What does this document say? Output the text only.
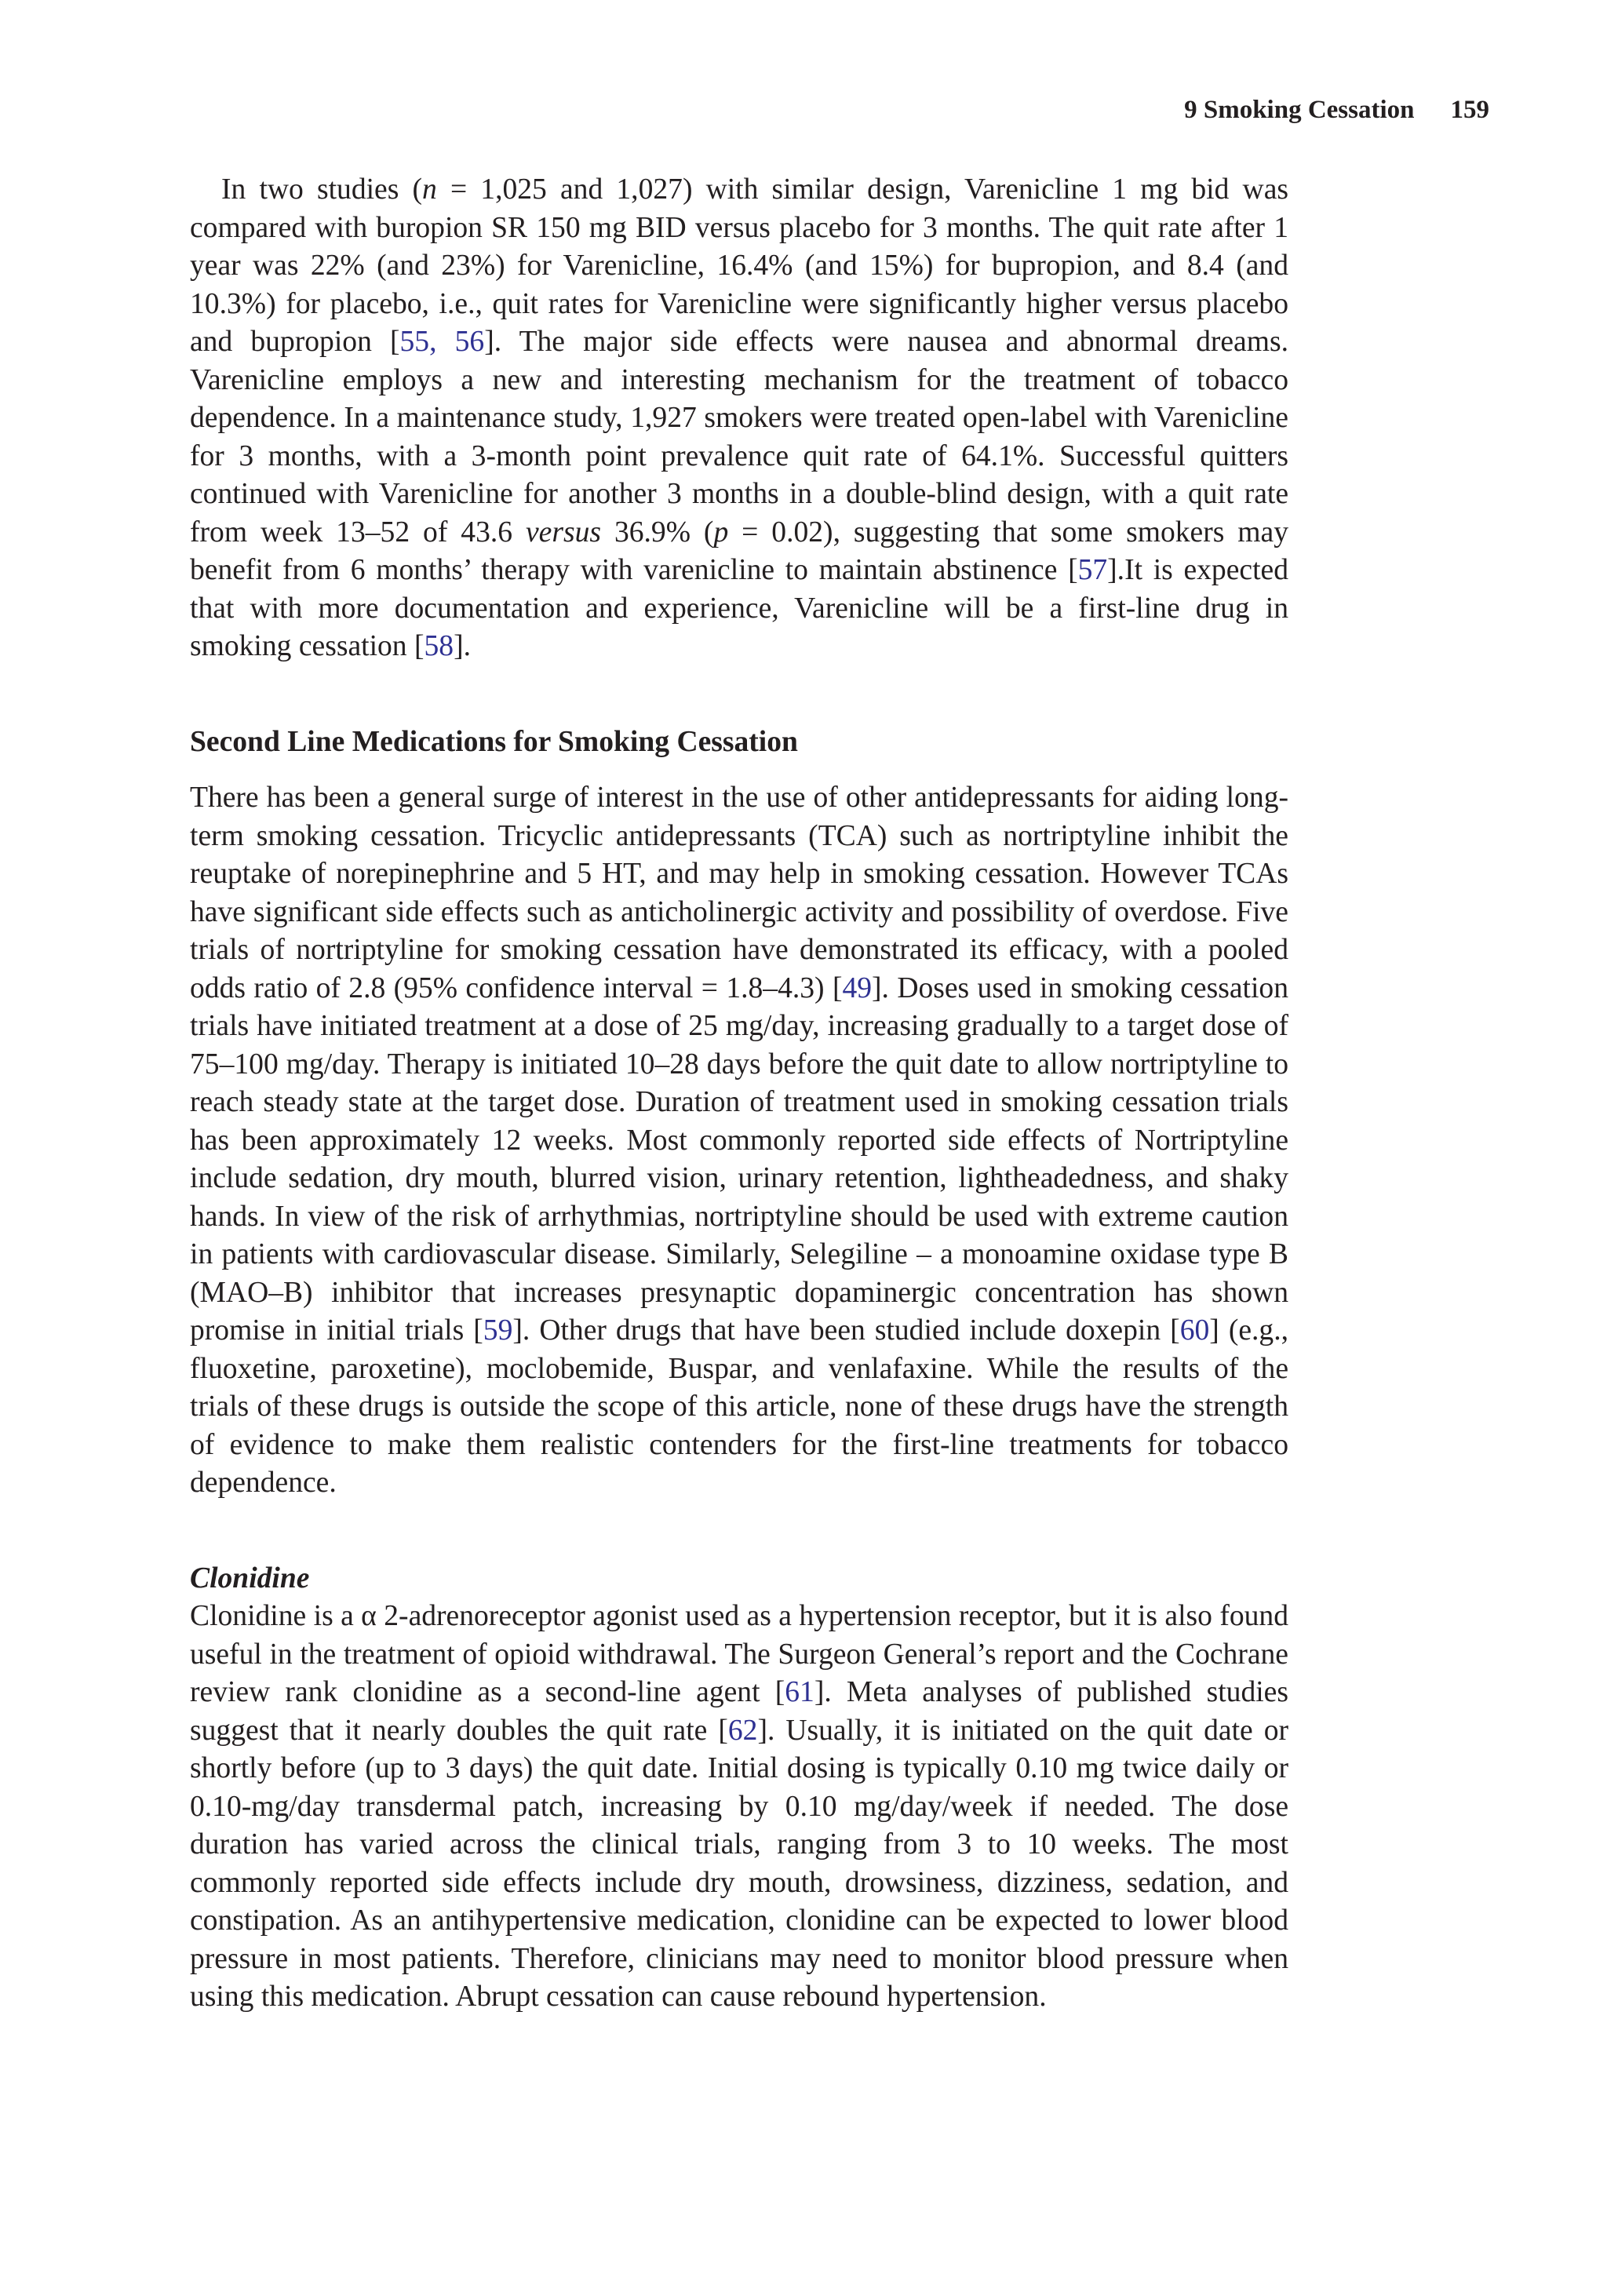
9 Smoking Cessation 159

In two studies (n = 1,025 and 1,027) with similar design, Varenicline 1 mg bid was compared with buropion SR 150 mg BID versus placebo for 3 months. The quit rate after 1 year was 22% (and 23%) for Varenicline, 16.4% (and 15%) for bupropion, and 8.4 (and 10.3%) for placebo, i.e., quit rates for Varenicline were significantly higher versus placebo and bupropion [55, 56]. The major side effects were nausea and abnormal dreams. Varenicline employs a new and interesting mechanism for the treatment of tobacco dependence. In a maintenance study, 1,927 smokers were treated open-label with Varenicline for 3 months, with a 3-month point prevalence quit rate of 64.1%. Successful quitters continued with Varenicline for another 3 months in a double-blind design, with a quit rate from week 13–52 of 43.6 versus 36.9% (p = 0.02), suggesting that some smokers may benefit from 6 months’ therapy with varenicline to maintain abstinence [57].It is expected that with more documentation and experience, Varenicline will be a first-line drug in smoking cessation [58].

Second Line Medications for Smoking Cessation

There has been a general surge of interest in the use of other antidepressants for aiding long-term smoking cessation. Tricyclic antidepressants (TCA) such as nortriptyline inhibit the reuptake of norepinephrine and 5 HT, and may help in smoking cessation. However TCAs have significant side effects such as anticholinergic activity and possibility of overdose. Five trials of nortriptyline for smoking cessation have demonstrated its efficacy, with a pooled odds ratio of 2.8 (95% confidence interval = 1.8–4.3) [49]. Doses used in smoking cessation trials have initiated treatment at a dose of 25 mg/day, increasing gradually to a target dose of 75–100 mg/day. Therapy is initiated 10–28 days before the quit date to allow nortriptyline to reach steady state at the target dose. Duration of treatment used in smoking cessation trials has been approximately 12 weeks. Most commonly reported side effects of Nortriptyline include sedation, dry mouth, blurred vision, urinary retention, lightheadedness, and shaky hands. In view of the risk of arrhythmias, nortriptyline should be used with extreme caution in patients with cardiovascular disease. Similarly, Selegiline – a monoamine oxidase type B (MAO–B) inhibitor that increases presynaptic dopaminergic concentration has shown promise in initial trials [59]. Other drugs that have been studied include doxepin [60] (e.g., fluoxetine, paroxetine), moclobemide, Buspar, and venlafaxine. While the results of the trials of these drugs is outside the scope of this article, none of these drugs have the strength of evidence to make them realistic contenders for the first-line treatments for tobacco dependence.

Clonidine

Clonidine is a α 2-adrenoreceptor agonist used as a hypertension receptor, but it is also found useful in the treatment of opioid withdrawal. The Surgeon General’s report and the Cochrane review rank clonidine as a second-line agent [61]. Meta analyses of published studies suggest that it nearly doubles the quit rate [62]. Usually, it is initiated on the quit date or shortly before (up to 3 days) the quit date. Initial dosing is typically 0.10 mg twice daily or 0.10-mg/day transdermal patch, increasing by 0.10 mg/day/week if needed. The dose duration has varied across the clinical trials, ranging from 3 to 10 weeks. The most commonly reported side effects include dry mouth, drowsiness, dizziness, sedation, and constipation. As an antihypertensive medication, clonidine can be expected to lower blood pressure in most patients. Therefore, clinicians may need to monitor blood pressure when using this medication. Abrupt cessation can cause rebound hypertension.
